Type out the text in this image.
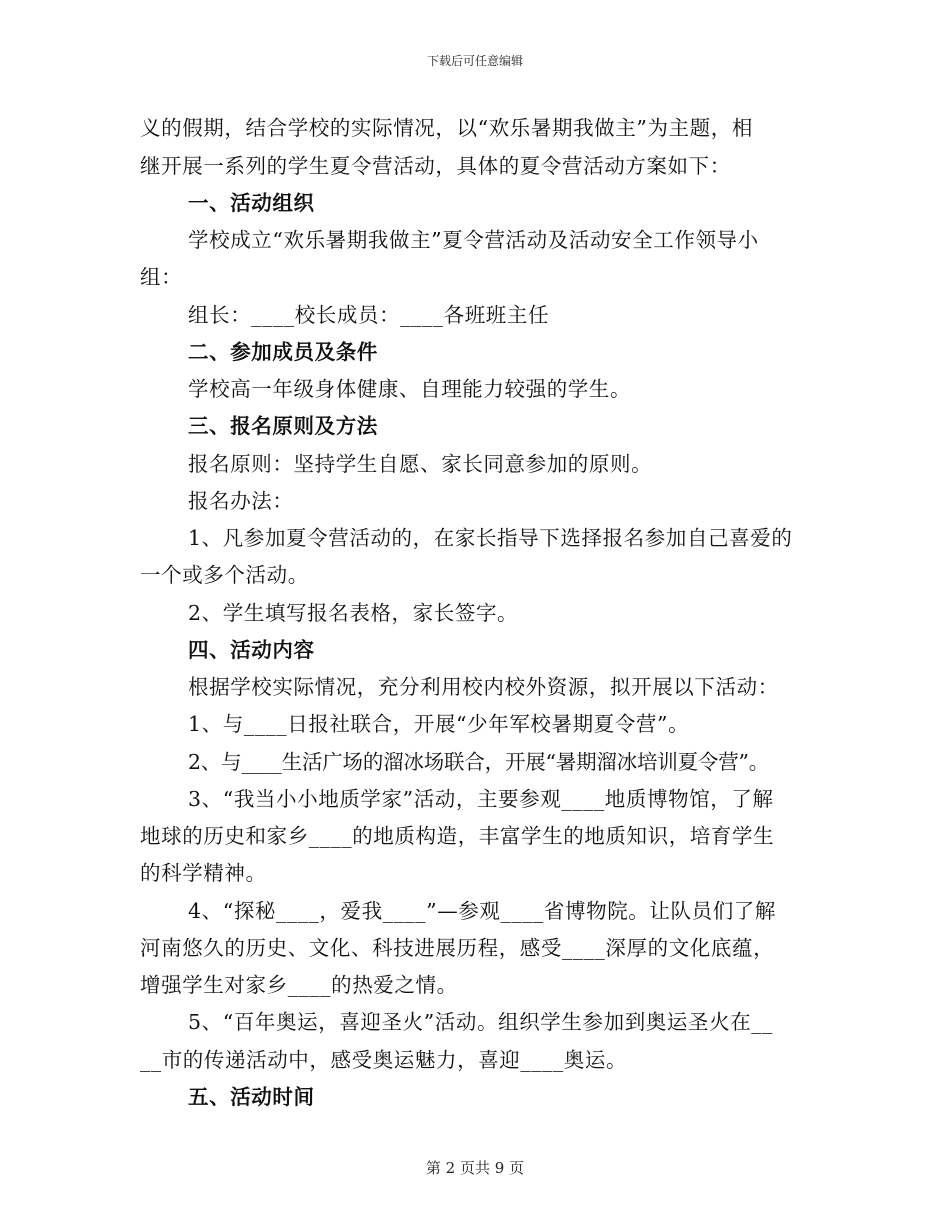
下载后可任意编辑
义的假期，结合学校的实际情况，以“欢乐暑期我做主”为主题，相
继开展一系列的学生夏令营活动，具体的夏令营活动方案如下：
一、活动组织
学校成立“欢乐暑期我做主”夏令营活动及活动安全工作领导小
组：
组长：____校长成员：____各班班主任
二、参加成员及条件
学校高一年级身体健康、自理能力较强的学生。
三、报名原则及方法
报名原则：坚持学生自愿、家长同意参加的原则。
报名办法：
1、凡参加夏令营活动的，在家长指导下选择报名参加自己喜爱的
一个或多个活动。
2、学生填写报名表格，家长签字。
四、活动内容
根据学校实际情况，充分利用校内校外资源，拟开展以下活动：
1、与____日报社联合，开展“少年军校暑期夏令营”。
2、与____生活广场的溜冰场联合，开展“暑期溜冰培训夏令营”。
3、“我当小小地质学家”活动，主要参观____地质博物馆，了解
地球的历史和家乡____的地质构造，丰富学生的地质知识，培育学生
的科学精神。
4、“探秘____，爱我____”—参观____省博物院。让队员们了解
河南悠久的历史、文化、科技进展历程，感受____深厚的文化底蕴，
增强学生对家乡____的热爱之情。
5、“百年奥运，喜迎圣火”活动。组织学生参加到奥运圣火在__
__市的传递活动中，感受奥运魅力，喜迎____奥运。
五、活动时间
第 2 页共 9 页
